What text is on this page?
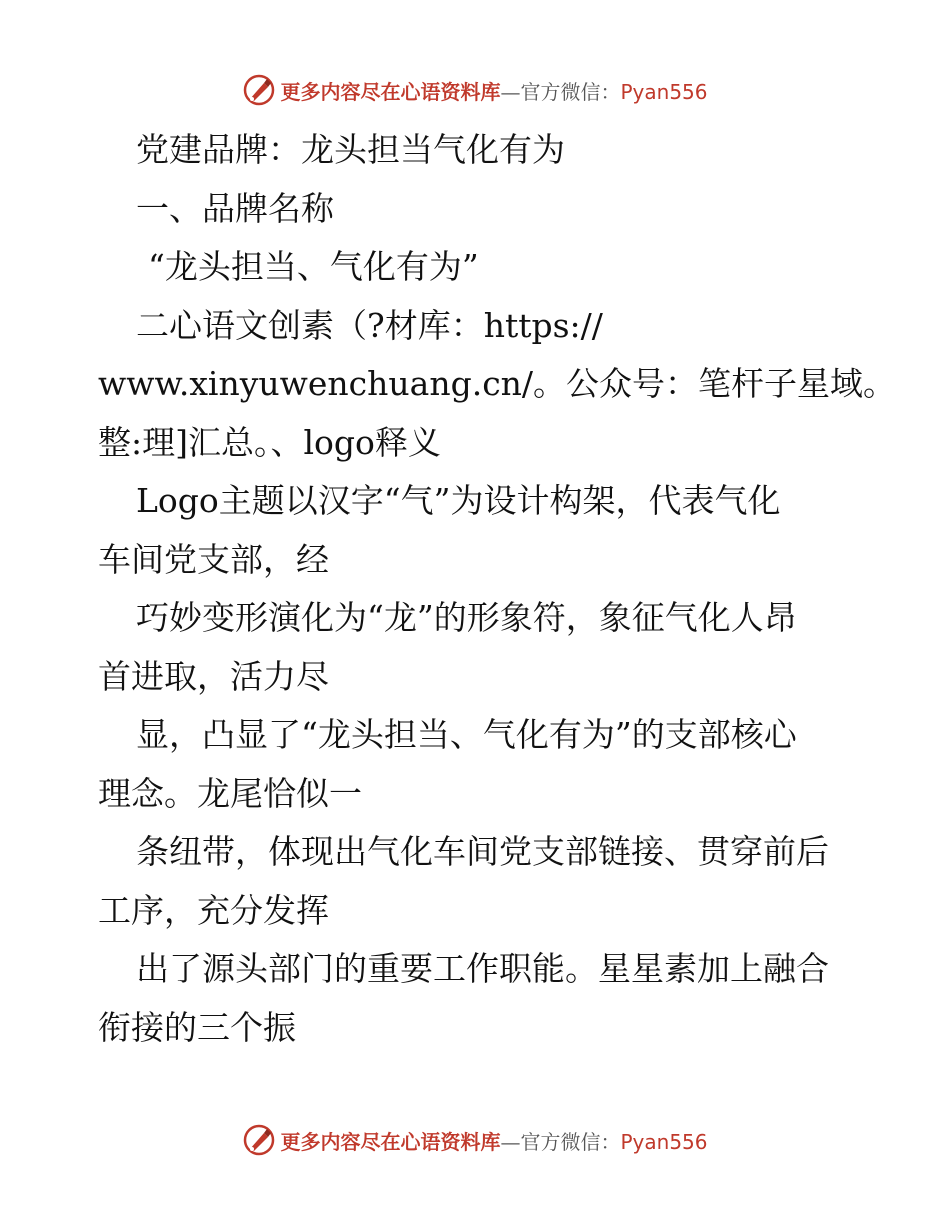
更多内容尽在心语资料库—官方微信：Pyan556
党建品牌：龙头担当气化有为
一、品牌名称
“龙头担当、气化有为”
二心语文创素（?材库：https://
www.xinyuwenchuang.cn/。公众号：笔杆子星域。
整:理]汇总。、logo释义
Logo主题以汉字“气”为设计构架，代表气化
车间党支部，经
巧妙变形演化为“龙”的形象符，象征气化人昂
首进取，活力尽
显，凸显了“龙头担当、气化有为”的支部核心
理念。龙尾恰似一
条纽带，体现出气化车间党支部链接、贯穿前后
工序，充分发挥
出了源头部门的重要工作职能。星星素加上融合
衔接的三个振
更多内容尽在心语资料库—官方微信：Pyan556
